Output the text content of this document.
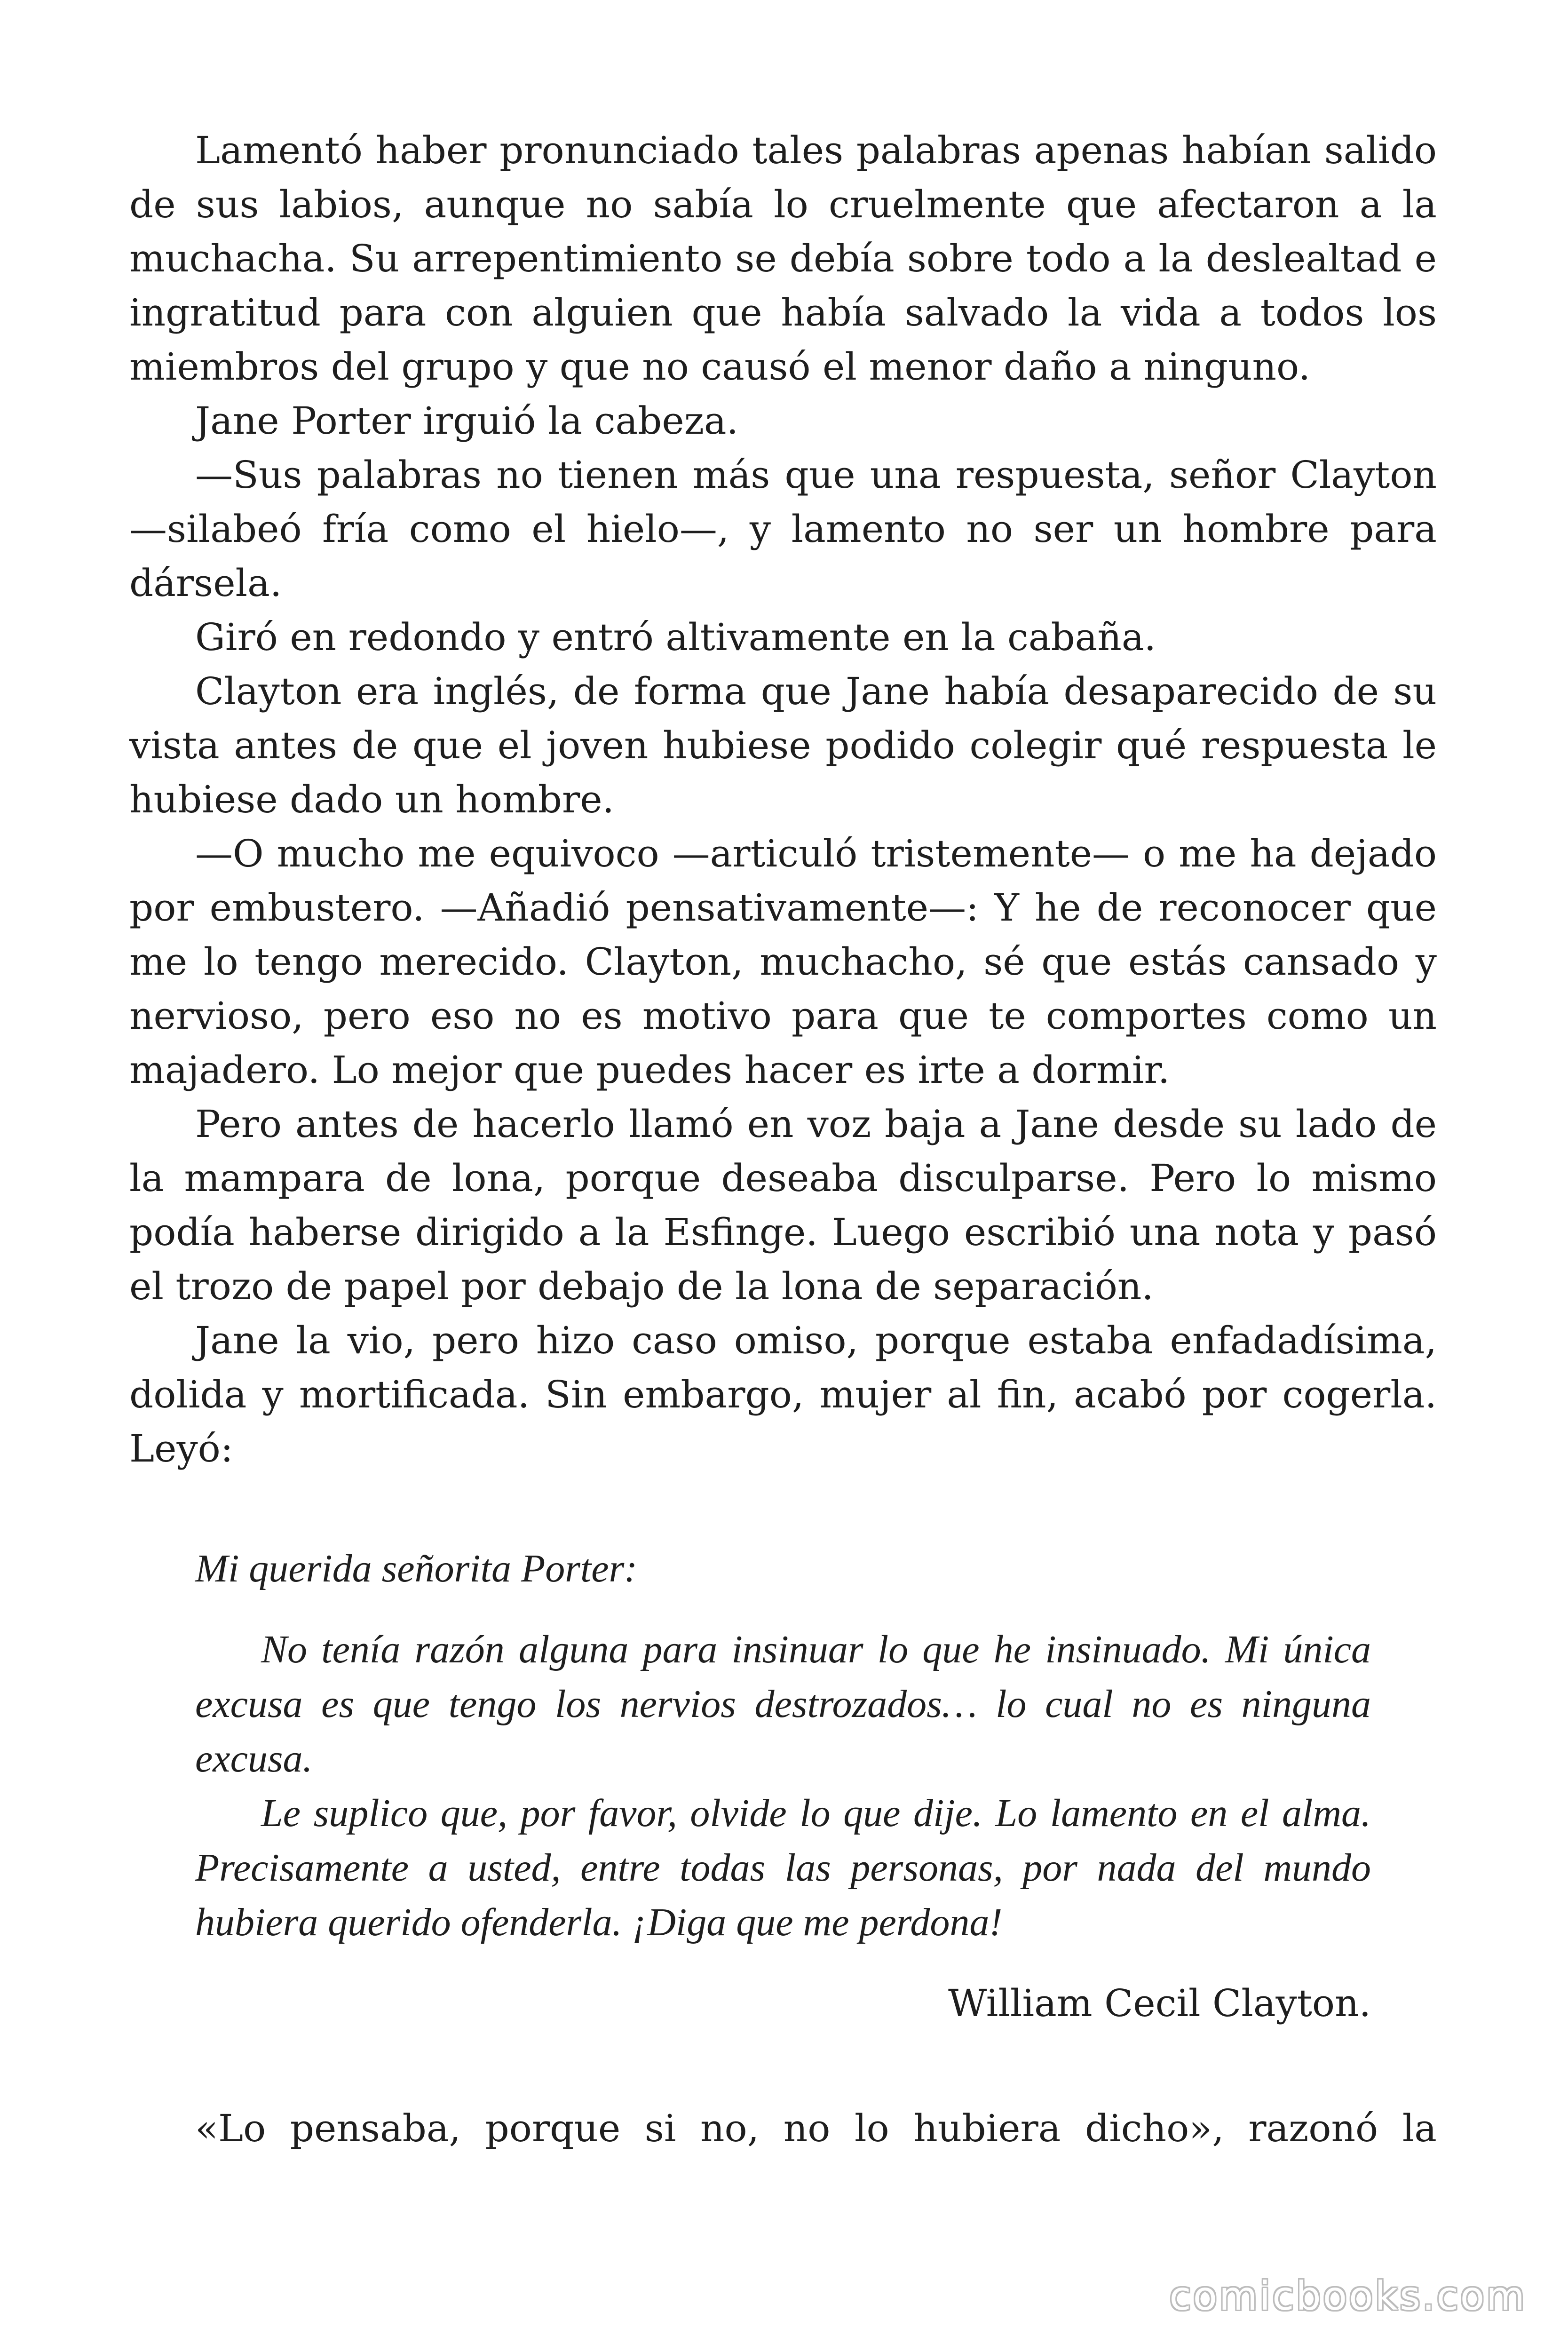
Lamentó haber pronunciado tales palabras apenas habían salido de sus labios, aunque no sabía lo cruelmente que afectaron a la muchacha. Su arrepentimiento se debía sobre todo a la deslealtad e ingratitud para con alguien que había salvado la vida a todos los miembros del grupo y que no causó el menor daño a ninguno.

Jane Porter irguió la cabeza.

—Sus palabras no tienen más que una respuesta, señor Clayton —silabeó fría como el hielo—, y lamento no ser un hombre para dársela.

Giró en redondo y entró altivamente en la cabaña.

Clayton era inglés, de forma que Jane había desaparecido de su vista antes de que el joven hubiese podido colegir qué respuesta le hubiese dado un hombre.

—O mucho me equivoco —articuló tristemente— o me ha dejado por embustero. —Añadió pensativamente—: Y he de reconocer que me lo tengo merecido. Clayton, muchacho, sé que estás cansado y nervioso, pero eso no es motivo para que te comportes como un majadero. Lo mejor que puedes hacer es irte a dormir.

Pero antes de hacerlo llamó en voz baja a Jane desde su lado de la mampara de lona, porque deseaba disculparse. Pero lo mismo podía haberse dirigido a la Esfinge. Luego escribió una nota y pasó el trozo de papel por debajo de la lona de separación.

Jane la vio, pero hizo caso omiso, porque estaba enfadadísima, dolida y mortificada. Sin embargo, mujer al fin, acabó por cogerla. Leyó:

Mi querida señorita Porter:

No tenía razón alguna para insinuar lo que he insinuado. Mi única excusa es que tengo los nervios destrozados… lo cual no es ninguna excusa.

Le suplico que, por favor, olvide lo que dije. Lo lamento en el alma. Precisamente a usted, entre todas las personas, por nada del mundo hubiera querido ofenderla. ¡Diga que me perdona!

William Cecil Clayton.

«Lo pensaba, porque si no, no lo hubiera dicho», razonó la

comicbooks.com
